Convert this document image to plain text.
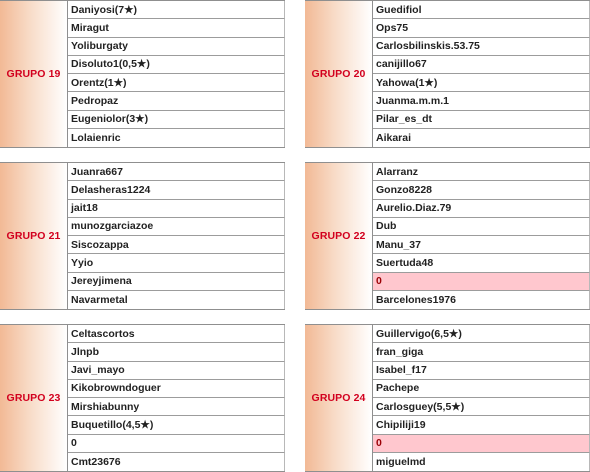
GRUPO 19
Daniyosi(7★)
Miragut
Yoliburgaty
Disoluto1(0,5★)
Orentz(1★)
Pedropaz
Eugeniolor(3★)
Lolaienric
GRUPO 20
Guedifiol
Ops75
Carlosbilinskis.53.75
canijillo67
Yahowa(1★)
Juanma.m.m.1
Pilar_es_dt
Aikarai
GRUPO 21
Juanra667
Delasheras1224
jait18
munozgarciazoe
Siscozappa
Yyio
Jereyjimena
Navarmetal
GRUPO 22
Alarranz
Gonzo8228
Aurelio.Diaz.79
Dub
Manu_37
Suertuda48
0
Barcelones1976
GRUPO 23
Celtascortos
Jlnpb
Javi_mayo
Kikobrowndoguer
Mirshiabunny
Buquetillo(4,5★)
0
Cmt23676
GRUPO 24
Guillervigo(6,5★)
fran_giga
Isabel_f17
Pachepe
Carlosguey(5,5★)
Chipiliji19
0
miguelmd
